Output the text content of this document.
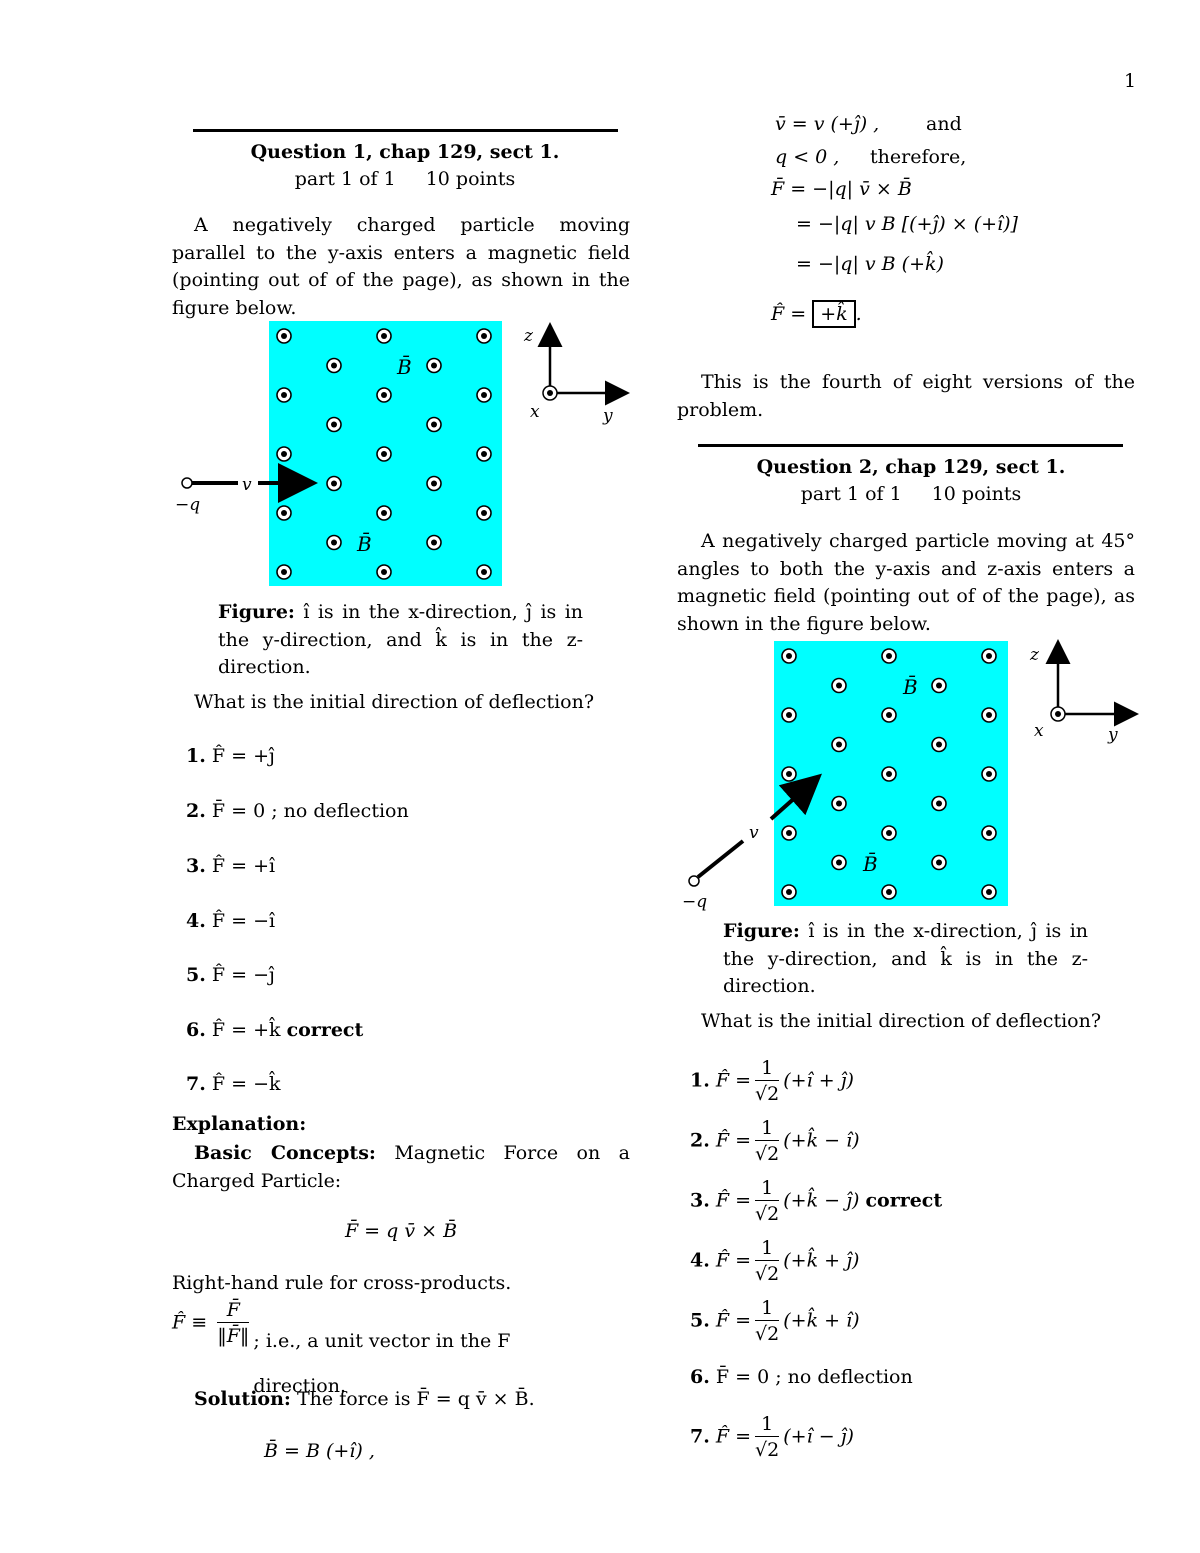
1
Question 1, chap 129, sect 1.
part 1 of 1 10 points
A negatively charged particle moving parallel to the y-axis enters a magnetic field (pointing out of of the page), as shown in the figure below.
B̄
B̄
v
−q
z
x	y
Figure: î is in the x-direction, ĵ is in the y-direction, and k̂ is in the z-direction.
What is the initial direction of deflection?
1. F̂ = +ĵ
2. F̄ = 0 ; no deflection
3. F̂ = +î
4. F̂ = −î
5. F̂ = −ĵ
6. F̂ = +k̂ correct
7. F̂ = −k̂
Explanation:
Basic Concepts: Magnetic Force on a Charged Particle:
F̄ = q v̄ × B̄
Right-hand rule for cross-products.
F̂ ≡ $\frac{F̄}{‖F̄‖}$ ; i.e., a unit vector in the F direction.
Solution: The force is F̄ = q v̄ × B̄.
B̄ = B (+î) ,
v̄ = v (+ĵ) , and
q < 0 , therefore,
F̄ = −|q| v̄ × B̄
= −|q| v B [(+ĵ) × (+î)]
= −|q| v B (+k̂)
F̂ = +k̂ .
This is the fourth of eight versions of the problem.
Question 2, chap 129, sect 1.
part 1 of 1 10 points
A negatively charged particle moving at 45° angles to both the y-axis and z-axis enters a magnetic field (pointing out of of the page), as shown in the figure below.
B̄
B̄
v
−q
z
x	y
Figure: î is in the x-direction, ĵ is in the y-direction, and k̂ is in the z-direction.
What is the initial direction of deflection?
1. F̂ = $\frac{1}{√2}$ (+î + ĵ)
2. F̂ = $\frac{1}{√2}$ (+k̂ − î)
3. F̂ = $\frac{1}{√2}$ (+k̂ − ĵ) correct
4. F̂ = $\frac{1}{√2}$ (+k̂ + ĵ)
5. F̂ = $\frac{1}{√2}$ (+k̂ + î)
6. F̄ = 0 ; no deflection
7. F̂ = $\frac{1}{√2}$ (+î − ĵ)
